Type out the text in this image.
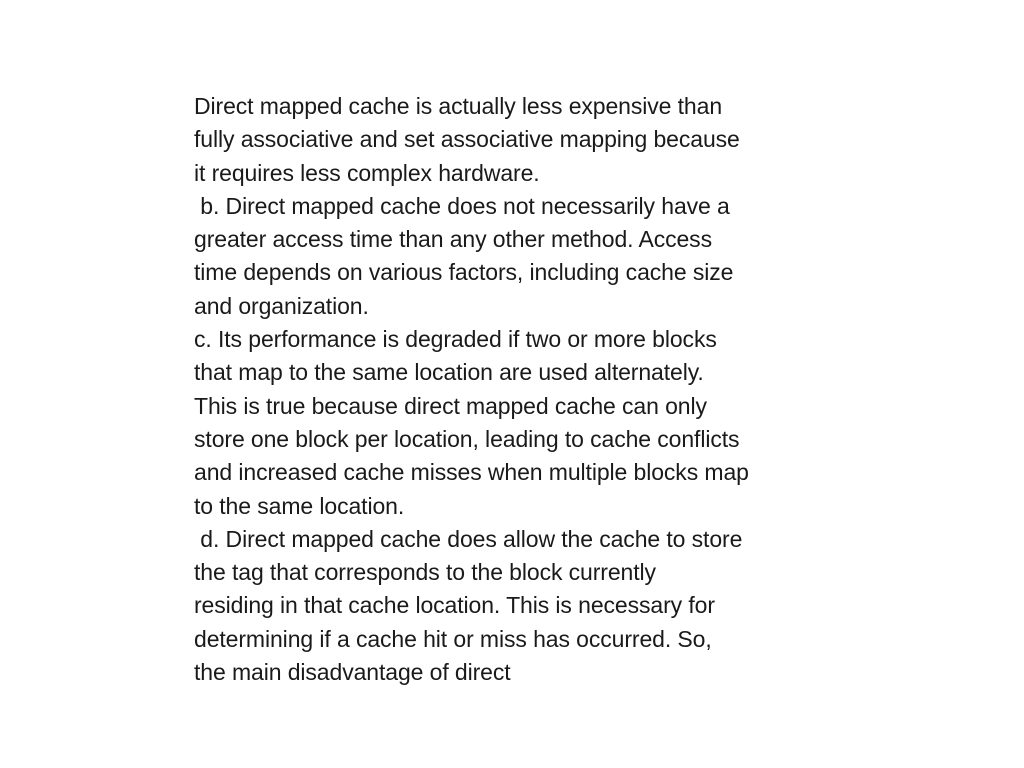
Direct mapped cache is actually less expensive than
fully associative and set associative mapping because
it requires less complex hardware.
b. Direct mapped cache does not necessarily have a
greater access time than any other method. Access
time depends on various factors, including cache size
and organization.
c. Its performance is degraded if two or more blocks
that map to the same location are used alternately.
This is true because direct mapped cache can only
store one block per location, leading to cache conflicts
and increased cache misses when multiple blocks map
to the same location.
d. Direct mapped cache does allow the cache to store
the tag that corresponds to the block currently
residing in that cache location. This is necessary for
determining if a cache hit or miss has occurred. So,
the main disadvantage of direct
